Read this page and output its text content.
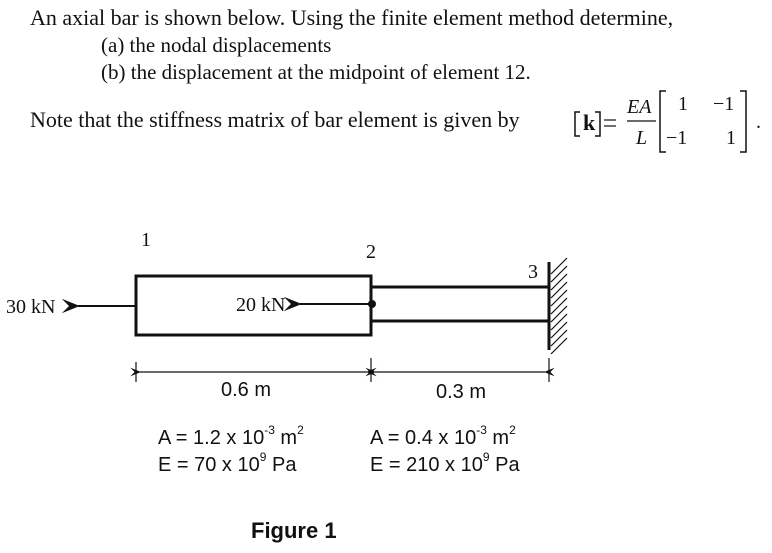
An axial bar is shown below. Using the finite element method determine,
(a) the nodal displacements
(b) the displacement at the midpoint of element 12.
Note that the stiffness matrix of bar element is given by	k
EA
L
1 −1
−1 1
.
1
2
3
30 kN	20 kN
0.6 m	0.3 m
A = 1.2 x $10^{-3}$ $m^2$
E = 70 x $10^9$ Pa
A = 0.4 x $10^{-3}$ $m^2$
E = 210 x $10^9$ Pa
Figure 1
